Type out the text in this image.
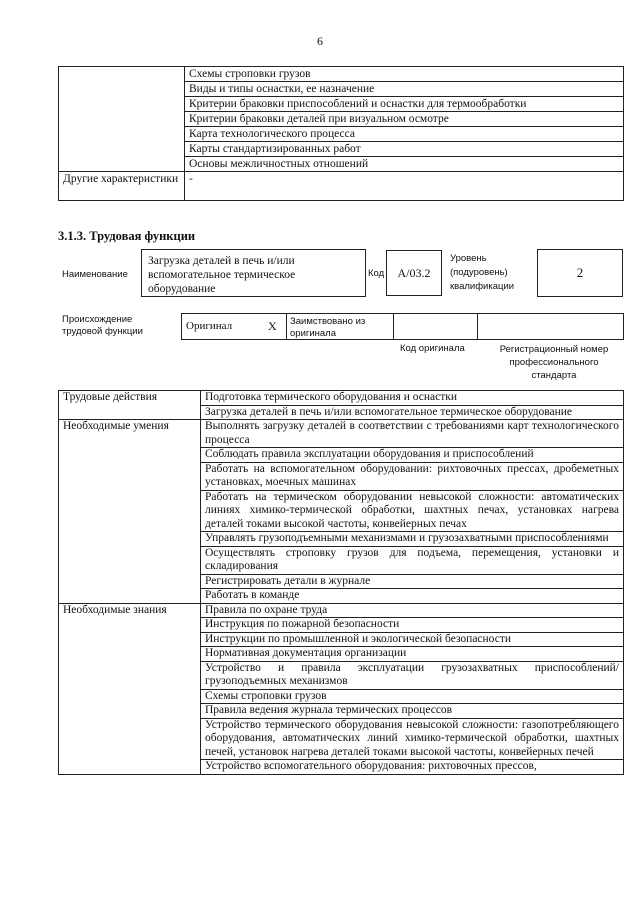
6
	Схемы строповки грузов
	Виды и типы оснастки, ее назначение
	Критерии браковки приспособлений и оснастки для термообработки
	Критерии браковки деталей при визуальном осмотре
	Карта технологического процесса
	Карты стандартизированных работ
	Основы межличностных отношений
Другие характеристики	-
3.1.3. Трудовая функции
Наименование
Загрузка деталей в печь и/или вспомогательное термическое оборудование
Код	А/03.2
Уровень (подуровень) квалификации
2
Происхождение трудовой функции	Оригинал	X	Заимствовано из оригинала
Код оригинала	Регистрационный номер профессионального стандарта
Трудовые действия	Подготовка термического оборудования и оснастки
	Загрузка деталей в печь и/или вспомогательное термическое оборудование
Необходимые умения	Выполнять загрузку деталей в соответствии с требованиями карт технологического процесса
	Соблюдать правила эксплуатации оборудования и приспособлений
	Работать на вспомогательном оборудовании: рихтовочных прессах, дробеметных установках, моечных машинах
	Работать на термическом оборудовании невысокой сложности: автоматических линиях химико-термической обработки, шахтных печах, установках нагрева деталей токами высокой частоты, конвейерных печах
	Управлять грузоподъемными механизмами и грузозахватными приспособлениями
	Осуществлять строповку грузов для подъема, перемещения, установки и складирования
	Регистрировать детали в журнале
	Работать в команде
Необходимые знания	Правила по охране труда
	Инструкция по пожарной безопасности
	Инструкции по промышленной и экологической безопасности
	Нормативная документация организации
	Устройство и правила эксплуатации грузозахватных приспособлений/грузоподъемных механизмов
	Схемы строповки грузов
	Правила ведения журнала термических процессов
	Устройство термического оборудования невысокой сложности: газопотребляющего оборудования, автоматических линий химико-термической обработки, шахтных печей, установок нагрева деталей токами высокой частоты, конвейерных печей
	Устройство вспомогательного оборудования: рихтовочных прессов,
